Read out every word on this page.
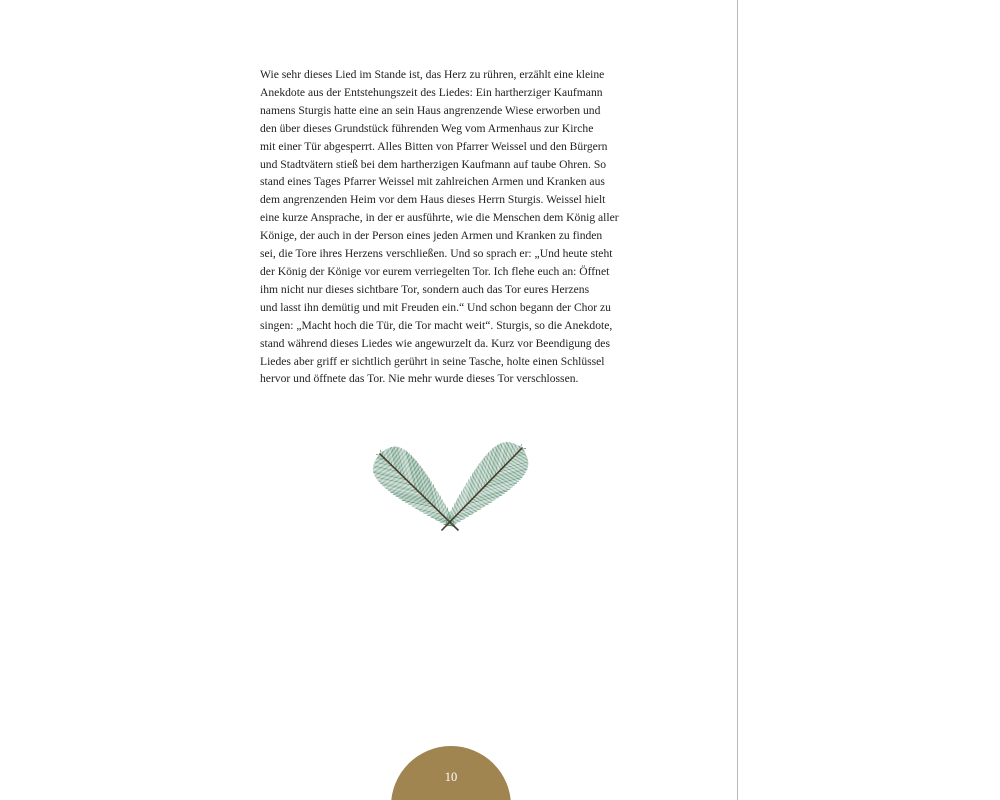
Wie sehr dieses Lied im Stande ist, das Herz zu rühren, erzählt eine kleine
Anekdote aus der Entstehungszeit des Liedes: Ein hartherziger Kaufmann
namens Sturgis hatte eine an sein Haus angrenzende Wiese erworben und
den über dieses Grundstück führenden Weg vom Armenhaus zur Kirche
mit einer Tür abgesperrt. Alles Bitten von Pfarrer Weissel und den Bürgern
und Stadtvätern stieß bei dem hartherzigen Kaufmann auf taube Ohren. So
stand eines Tages Pfarrer Weissel mit zahlreichen Armen und Kranken aus
dem angrenzenden Heim vor dem Haus dieses Herrn Sturgis. Weissel hielt
eine kurze Ansprache, in der er ausführte, wie die Menschen dem König aller
Könige, der auch in der Person eines jeden Armen und Kranken zu finden
sei, die Tore ihres Herzens verschließen. Und so sprach er: „Und heute steht
der König der Könige vor eurem verriegelten Tor. Ich flehe euch an: Öffnet
ihm nicht nur dieses sichtbare Tor, sondern auch das Tor eures Herzens
und lasst ihn demütig und mit Freuden ein.“ Und schon begann der Chor zu
singen: „Macht hoch die Tür, die Tor macht weit“. Sturgis, so die Anekdote,
stand während dieses Liedes wie angewurzelt da. Kurz vor Beendigung des
Liedes aber griff er sichtlich gerührt in seine Tasche, holte einen Schlüssel
hervor und öffnete das Tor. Nie mehr wurde dieses Tor verschlossen.

10
